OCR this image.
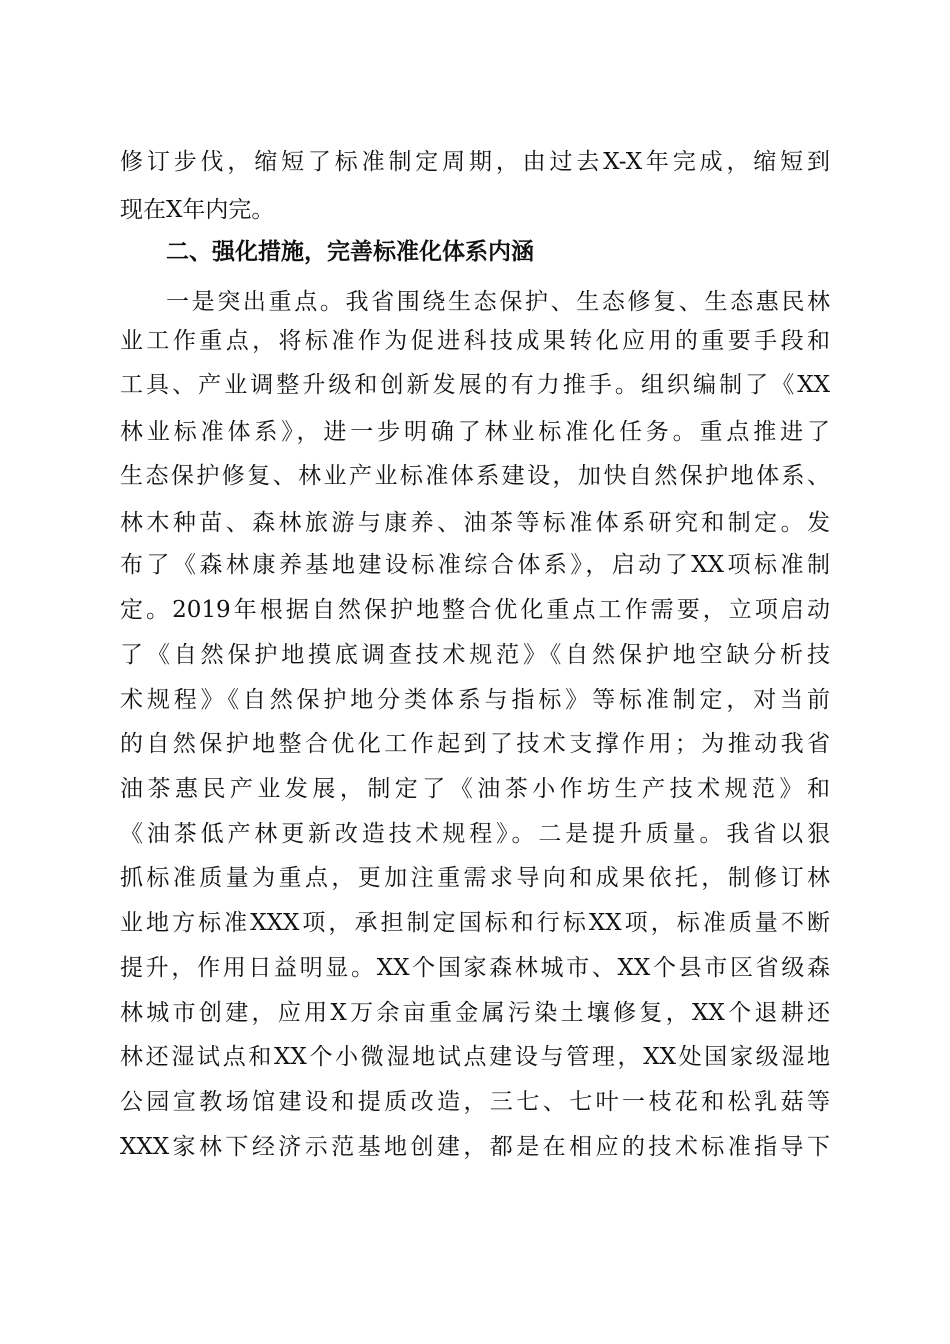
修订步伐，缩短了标准制定周期，由过去X-X年完成，缩短到
现在X年内完。
二、强化措施，完善标准化体系内涵
一是突出重点。我省围绕生态保护、生态修复、生态惠民林
业工作重点，将标准作为促进科技成果转化应用的重要手段和
工具、产业调整升级和创新发展的有力推手。组织编制了《XX
林业标准体系》，进一步明确了林业标准化任务。重点推进了
生态保护修复、林业产业标准体系建设，加快自然保护地体系、
林木种苗、森林旅游与康养、油茶等标准体系研究和制定。发
布了《森林康养基地建设标准综合体系》，启动了XX项标准制
定。2019年根据自然保护地整合优化重点工作需要，立项启动
了《自然保护地摸底调查技术规范》《自然保护地空缺分析技
术规程》《自然保护地分类体系与指标》等标准制定，对当前
的自然保护地整合优化工作起到了技术支撑作用；为推动我省
油茶惠民产业发展，制定了《油茶小作坊生产技术规范》和
《油茶低产林更新改造技术规程》。二是提升质量。我省以狠
抓标准质量为重点，更加注重需求导向和成果依托，制修订林
业地方标准XXX项，承担制定国标和行标XX项，标准质量不断
提升，作用日益明显。XX个国家森林城市、XX个县市区省级森
林城市创建，应用X万余亩重金属污染土壤修复，XX个退耕还
林还湿试点和XX个小微湿地试点建设与管理，XX处国家级湿地
公园宣教场馆建设和提质改造，三七、七叶一枝花和松乳菇等
XXX家林下经济示范基地创建，都是在相应的技术标准指导下
